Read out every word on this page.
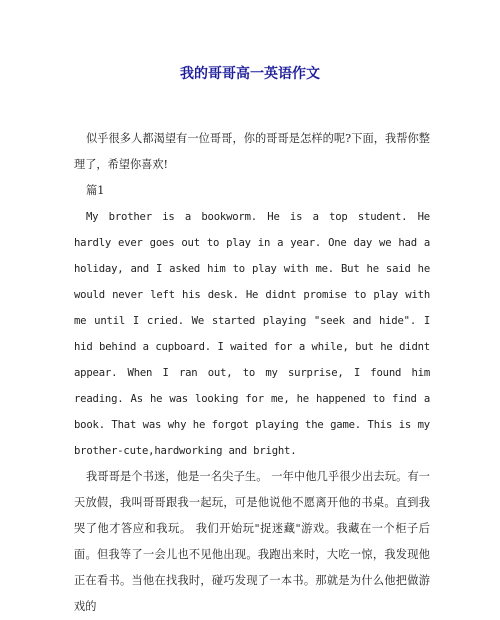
我的哥哥高一英语作文

似乎很多人都渴望有一位哥哥，你的哥哥是怎样的呢?下面，我帮你整理了，希望你喜欢!

篇1

My brother is a bookworm. He is a top student. He hardly ever goes out to play in a year. One day we had a holiday, and I asked him to play with me. But he said he would never left his desk. He didnt promise to play with me until I cried. We started playing "seek and hide". I hid behind a cupboard. I waited for a while, but he didnt appear. When I ran out, to my surprise, I found him reading. As he was looking for me, he happened to find a book. That was why he forgot playing the game. This is my brother-cute,hardworking and bright.

我哥哥是个书迷，他是一名尖子生。 一年中他几乎很少出去玩。有一天放假，我叫哥哥跟我一起玩，可是他说他不愿离开他的书桌。直到我哭了他才答应和我玩。 我们开始玩"捉迷藏"游戏。我藏在一个柜子后面。但我等了一会儿也不见他出现。我跑出来时，大吃一惊，我发现他正在看书。当他在找我时，碰巧发现了一本书。那就是为什么他把做游戏的
